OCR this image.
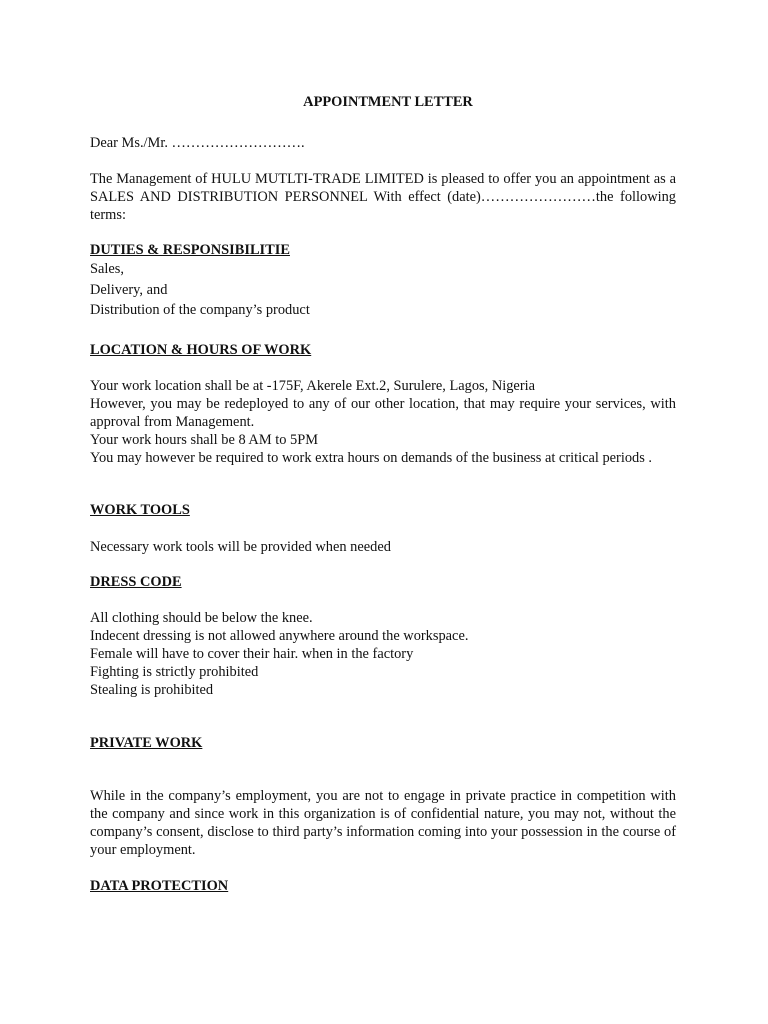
APPOINTMENT LETTER

Dear Ms./Mr. ……………………….

The Management of HULU MUTLTI-TRADE LIMITED is pleased to offer you an appointment as a SALES AND DISTRIBUTION PERSONNEL With effect (date)……………………the following terms:

DUTIES & RESPONSIBILITIE

Sales,
Delivery, and
Distribution of the company’s product

LOCATION & HOURS OF WORK

Your work location shall be at -175F, Akerele Ext.2, Surulere, Lagos, Nigeria
However, you may be redeployed to any of our other location, that may require your services, with approval from Management.
Your work hours shall be 8 AM to 5PM
You may however be required to work extra hours on demands of the business at critical periods .

WORK TOOLS

Necessary work tools will be provided when needed

DRESS CODE

All clothing should be below the knee.
Indecent dressing is not allowed anywhere around the workspace.
Female will have to cover their hair. when in the factory
Fighting is strictly prohibited
Stealing is prohibited

PRIVATE WORK

While in the company’s employment, you are not to engage in private practice in competition with the company and since work in this organization is of confidential nature, you may not, without the company’s consent, disclose to third party’s information coming into your possession in the course of your employment.

DATA PROTECTION
